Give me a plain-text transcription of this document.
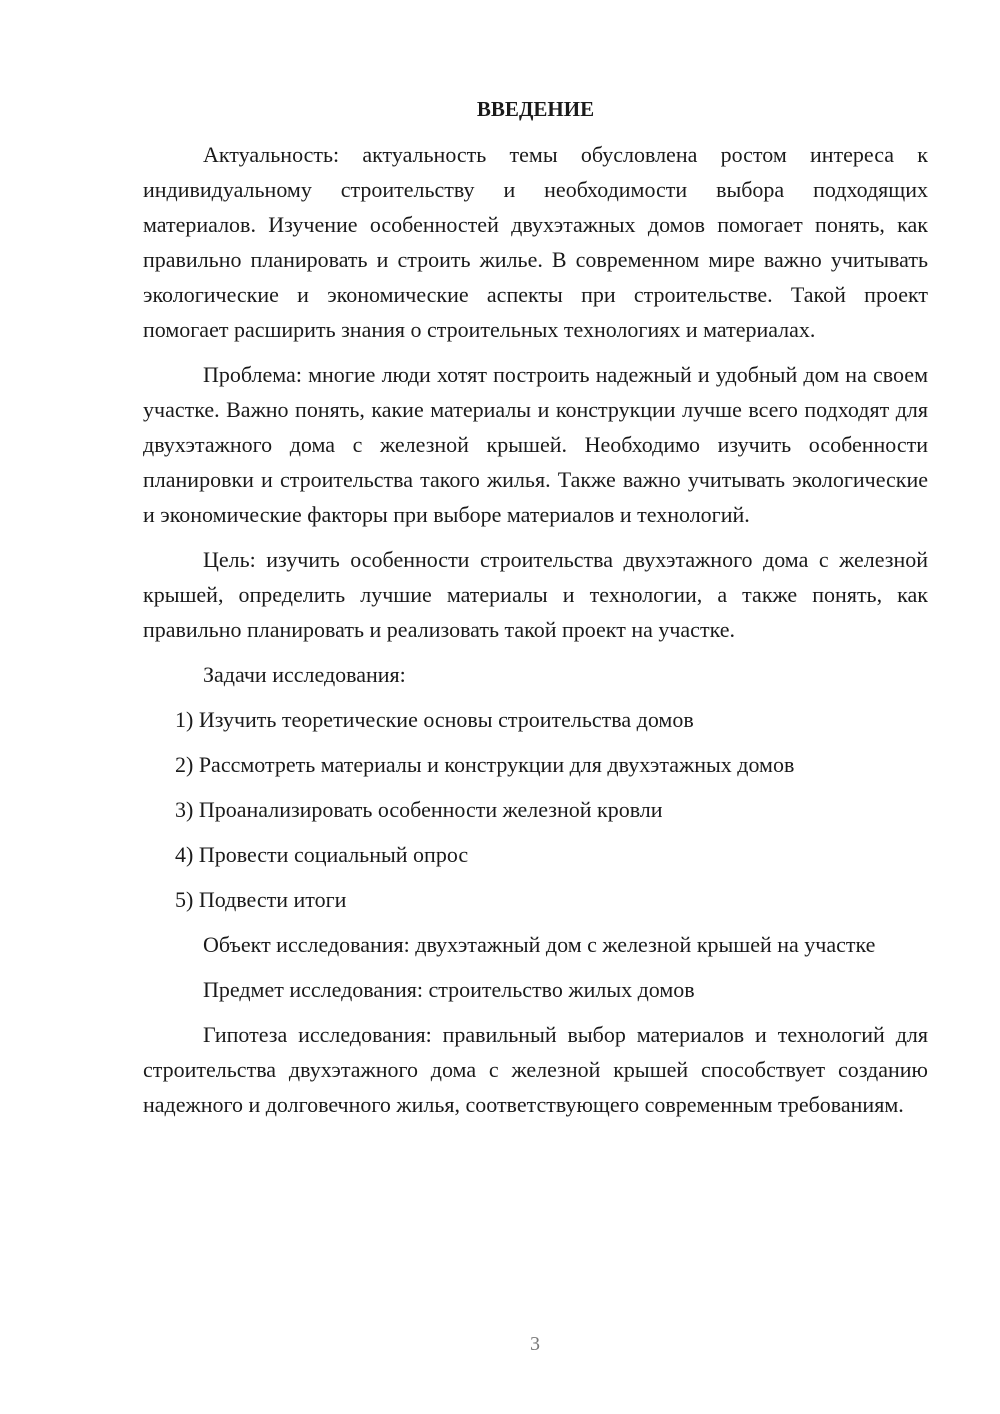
ВВЕДЕНИЕ

Актуальность: актуальность темы обусловлена ростом интереса к индивидуальному строительству и необходимости выбора подходящих материалов. Изучение особенностей двухэтажных домов помогает понять, как правильно планировать и строить жилье. В современном мире важно учитывать экологические и экономические аспекты при строительстве. Такой проект помогает расширить знания о строительных технологиях и материалах.

Проблема: многие люди хотят построить надежный и удобный дом на своем участке. Важно понять, какие материалы и конструкции лучше всего подходят для двухэтажного дома с железной крышей. Необходимо изучить особенности планировки и строительства такого жилья. Также важно учитывать экологические и экономические факторы при выборе материалов и технологий.

Цель: изучить особенности строительства двухэтажного дома с железной крышей, определить лучшие материалы и технологии, а также понять, как правильно планировать и реализовать такой проект на участке.

Задачи исследования:

1) Изучить теоретические основы строительства домов

2) Рассмотреть материалы и конструкции для двухэтажных домов

3) Проанализировать особенности железной кровли

4) Провести социальный опрос

5) Подвести итоги

Объект исследования: двухэтажный дом с железной крышей на участке

Предмет исследования: строительство жилых домов

Гипотеза исследования: правильный выбор материалов и технологий для строительства двухэтажного дома с железной крышей способствует созданию надежного и долговечного жилья, соответствующего современным требованиям.

3
